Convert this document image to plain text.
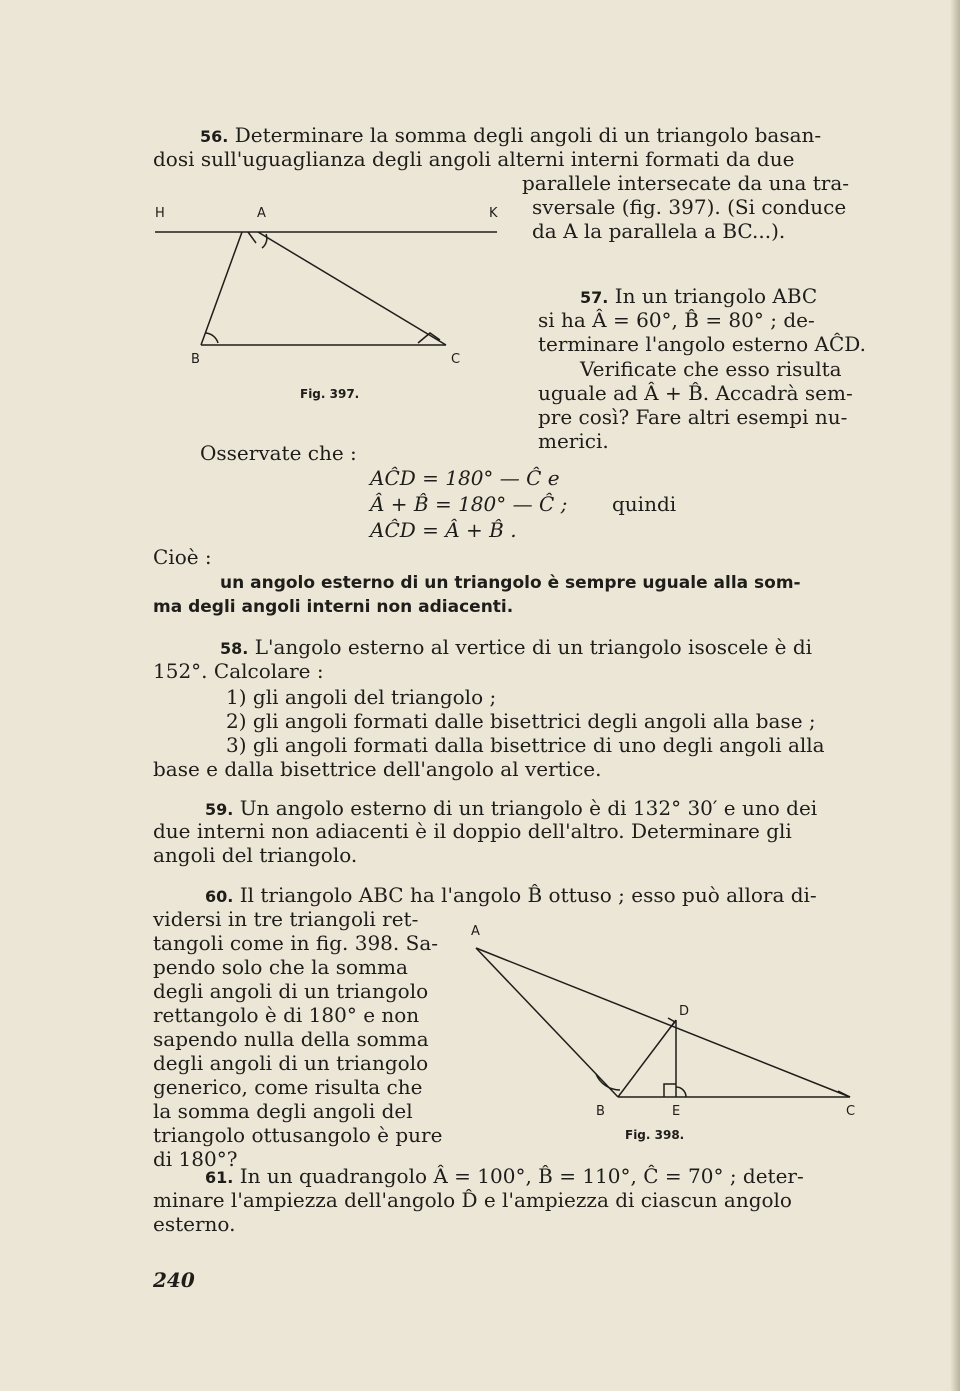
56. Determinare la somma degli angoli di un triangolo basan-

dosi sull'uguaglianza degli angoli alterni interni formati da due

parallele intersecate da una tra-

sversale (fig. 397). (Si conduce

da A la parallela a BC...).

H	A	K
B	C
Fig. 397.

57. In un triangolo ABC

si ha Â = 60°, B̂ = 80° ; de-

terminare l'angolo esterno AĈD.

Verificate che esso risulta

uguale ad Â + B̂. Accadrà sem-

pre così? Fare altri esempi nu-

merici.

Osservate che :

AĈD = 180° — Ĉ e
Â + B̂ = 180° — Ĉ ; quindi
AĈD = Â + B̂ .

Cioè :

un angolo esterno di un triangolo è sempre uguale alla som-

ma degli angoli interni non adiacenti.

58. L'angolo esterno al vertice di un triangolo isoscele è di

152°. Calcolare :

1) gli angoli del triangolo ;

2) gli angoli formati dalle bisettrici degli angoli alla base ;

3) gli angoli formati dalla bisettrice di uno degli angoli alla

base e dalla bisettrice dell'angolo al vertice.

59. Un angolo esterno di un triangolo è di 132° 30′ e uno dei

due interni non adiacenti è il doppio dell'altro. Determinare gli

angoli del triangolo.

60. Il triangolo ABC ha l'angolo B̂ ottuso ; esso può allora di-

vidersi in tre triangoli ret-

tangoli come in fig. 398. Sa-

pendo solo che la somma

degli angoli di un triangolo

rettangolo è di 180° e non

sapendo nulla della somma

degli angoli di un triangolo

generico, come risulta che

la somma degli angoli del

triangolo ottusangolo è pure

di 180°?

A
D
B	E	C
Fig. 398.

61. In un quadrangolo Â = 100°, B̂ = 110°, Ĉ = 70° ; deter-

minare l'ampiezza dell'angolo D̂ e l'ampiezza di ciascun angolo

esterno.

240
